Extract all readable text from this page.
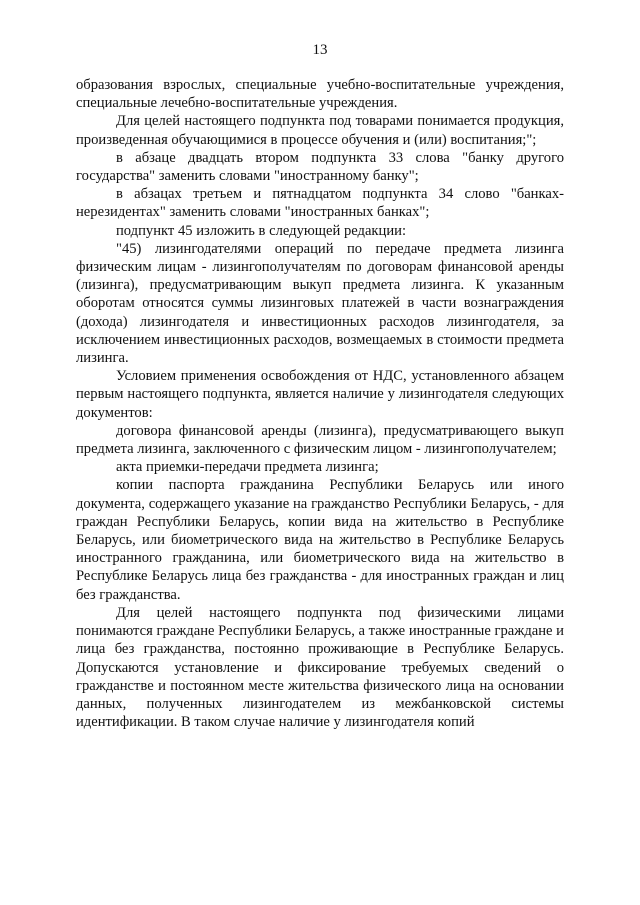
13

образования взрослых, специальные учебно-воспитательные учреждения, специальные лечебно-воспитательные учреждения.

Для целей настоящего подпункта под товарами понимается продукция, произведенная обучающимися в процессе обучения и (или) воспитания;";

в абзаце двадцать втором подпункта 33 слова "банку другого государства" заменить словами "иностранному банку";

в абзацах третьем и пятнадцатом подпункта 34 слово "банках-нерезидентах" заменить словами "иностранных банках";

подпункт 45 изложить в следующей редакции:

"45) лизингодателями операций по передаче предмета лизинга физическим лицам - лизингополучателям по договорам финансовой аренды (лизинга), предусматривающим выкуп предмета лизинга. К указанным оборотам относятся суммы лизинговых платежей в части вознаграждения (дохода) лизингодателя и инвестиционных расходов лизингодателя, за исключением инвестиционных расходов, возмещаемых в стоимости предмета лизинга.

Условием применения освобождения от НДС, установленного абзацем первым настоящего подпункта, является наличие у лизингодателя следующих документов:

договора финансовой аренды (лизинга), предусматривающего выкуп предмета лизинга, заключенного с физическим лицом - лизингополучателем;

акта приемки-передачи предмета лизинга;

копии паспорта гражданина Республики Беларусь или иного документа, содержащего указание на гражданство Республики Беларусь, - для граждан Республики Беларусь, копии вида на жительство в Республике Беларусь, или биометрического вида на жительство в Республике Беларусь иностранного гражданина, или биометрического вида на жительство в Республике Беларусь лица без гражданства - для иностранных граждан и лиц без гражданства.

Для целей настоящего подпункта под физическими лицами понимаются граждане Республики Беларусь, а также иностранные граждане и лица без гражданства, постоянно проживающие в Республике Беларусь. Допускаются установление и фиксирование требуемых сведений о гражданстве и постоянном месте жительства физического лица на основании данных, полученных лизингодателем из межбанковской системы идентификации. В таком случае наличие у лизингодателя копий
